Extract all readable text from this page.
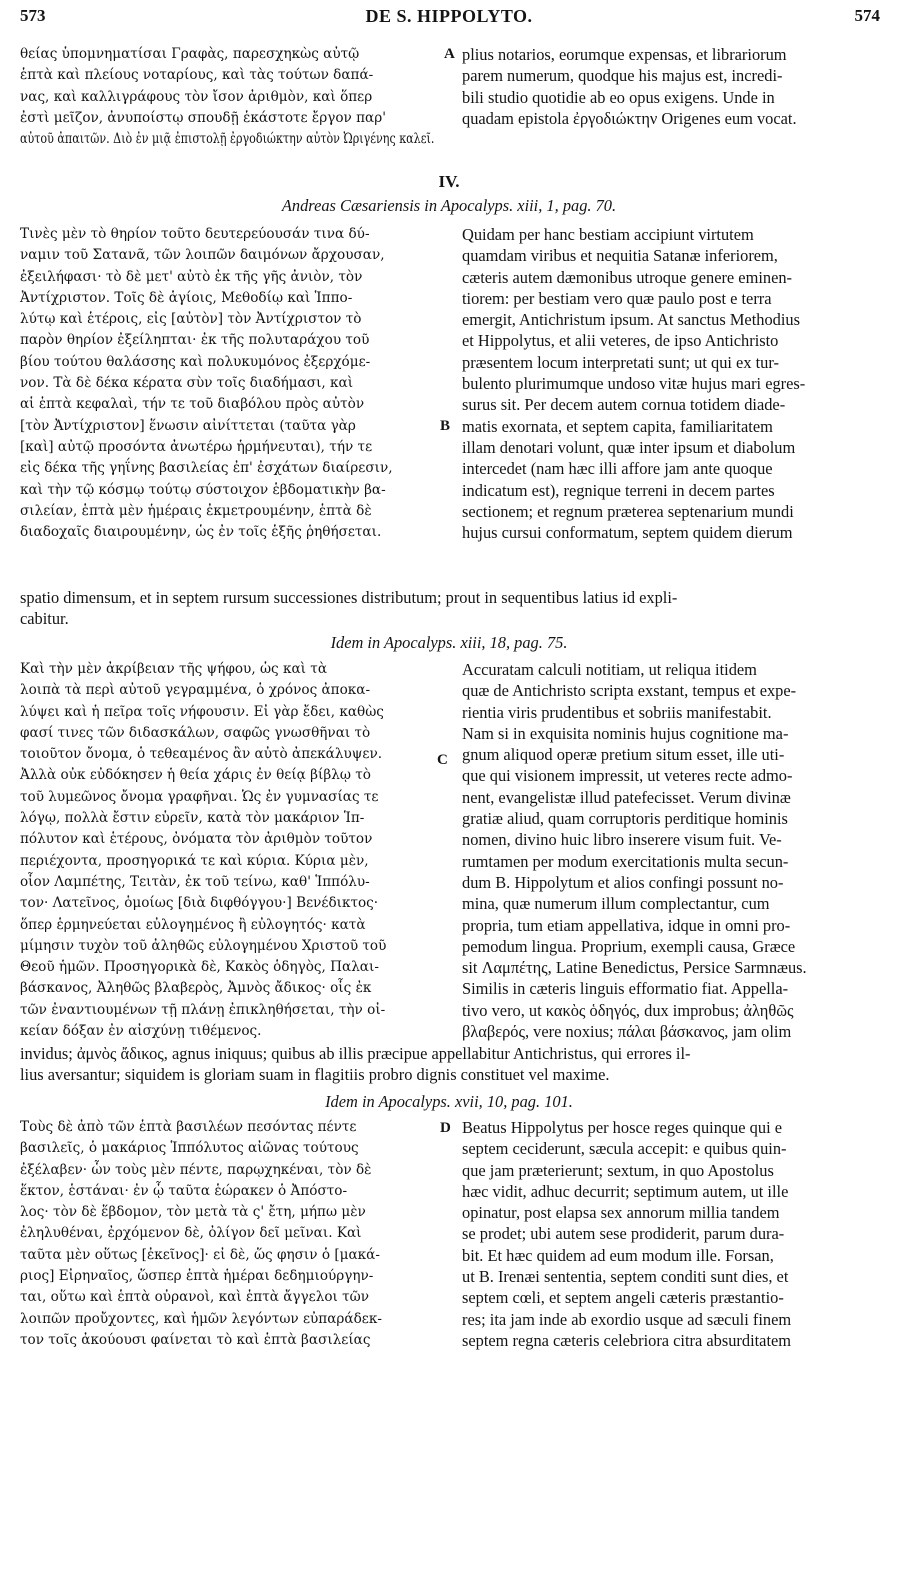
573	DE S. HIPPOLYTO.	574
θείας ὑπομνηματίσαι Γραφὰς, παρεσχηκὼς αὐτῷ
ἑπτὰ καὶ πλείους νοταρίους, καὶ τὰς τούτων δαπά-
νας, καὶ καλλιγράφους τὸν ἴσον ἀριθμὸν, καὶ ὅπερ
ἐστὶ μεῖζον, ἀνυποίστῳ σπουδῇ ἑκάστοτε ἔργον παρ'
αὐτοῦ ἀπαιτῶν. Διὸ ἐν μιᾷ ἐπιστολῇ ἐργοδιώκτην αὐτὸν Ὠριγένης καλεῖ.
A plius notarios, eorumque expensas, et librariorum
parem numerum, quodque his majus est, incredi-
bili studio quotidie ab eo opus exigens. Unde in
quadam epistola ἐργοδιώκτην Origenes eum vocat.
IV.
Andreas Cæsariensis in Apocalyps. xiii, 1, pag. 70.
Τινὲς μὲν τὸ θηρίον τοῦτο δευτερεύουσάν τινα δύ-
ναμιν τοῦ Σατανᾶ, τῶν λοιπῶν δαιμόνων ἄρχουσαν,
ἐξειλήφασι· τὸ δὲ μετ' αὐτὸ ἐκ τῆς γῆς ἀνιὸν, τὸν
Ἀντίχριστον. Τοῖς δὲ ἁγίοις, Μεθοδίῳ καὶ Ἱππο-
λύτῳ καὶ ἑτέροις, εἰς [αὐτὸν] τὸν Ἀντίχριστον τὸ
παρὸν θηρίον ἐξείληπται· ἐκ τῆς πολυταράχου τοῦ
βίου τούτου θαλάσσης καὶ πολυκυμόνος ἐξερχόμε-
νον. Τὰ δὲ δέκα κέρατα σὺν τοῖς διαδήμασι, καὶ
αἱ ἑπτὰ κεφαλαὶ, τήν τε τοῦ διαβόλου πρὸς αὐτὸν
[τὸν Ἀντίχριστον] ἕνωσιν αἰνίττεται (ταῦτα γὰρ
[καὶ] αὐτῷ προσόντα ἀνωτέρω ἡρμήνευται), τήν τε
εἰς δέκα τῆς γηΐνης βασιλείας ἐπ' ἐσχάτων διαίρεσιν,
καὶ τὴν τῷ κόσμῳ τούτῳ σύστοιχον ἑβδοματικὴν βα-
σιλείαν, ἑπτὰ μὲν ἡμέραις ἐκμετρουμένην, ἑπτὰ δὲ
διαδοχαῖς διαιρουμένην, ὡς ἐν τοῖς ἑξῆς ῥηθήσεται.
B
Quidam per hanc bestiam accipiunt virtutem
quamdam viribus et nequitia Satanæ inferiorem,
cæteris autem dæmonibus utroque genere eminen-
tiorem: per bestiam vero quæ paulo post e terra
emergit, Antichristum ipsum. At sanctus Methodius
et Hippolytus, et alii veteres, de ipso Antichristo
præsentem locum interpretati sunt; ut qui ex tur-
bulento plurimumque undoso vitæ hujus mari egres-
surus sit. Per decem autem cornua totidem diade-
matis exornata, et septem capita, familiaritatem
illam denotari volunt, quæ inter ipsum et diabolum
intercedet (nam hæc illi affore jam ante quoque
indicatum est), regnique terreni in decem partes
sectionem; et regnum præterea septenarium mundi
hujus cursui conformatum, septem quidem dierum
spatio dimensum, et in septem rursum successiones distributum; prout in sequentibus latius id expli-
cabitur.
Idem in Apocalyps. xiii, 18, pag. 75.
Καὶ τὴν μὲν ἀκρίβειαν τῆς ψήφου, ὡς καὶ τὰ
λοιπὰ τὰ περὶ αὐτοῦ γεγραμμένα, ὁ χρόνος ἀποκα-
λύψει καὶ ἡ πεῖρα τοῖς νήφουσιν. Εἰ γὰρ ἔδει, καθὼς
φασί τινες τῶν διδασκάλων, σαφῶς γνωσθῆναι τὸ
τοιοῦτον ὄνομα, ὁ τεθεαμένος ἂν αὐτὸ ἀπεκάλυψεν.
Ἀλλὰ οὐκ εὐδόκησεν ἡ θεία χάρις ἐν θείᾳ βίβλῳ τὸ
τοῦ λυμεῶνος ὄνομα γραφῆναι. Ὡς ἐν γυμνασίας τε
λόγῳ, πολλὰ ἔστιν εὑρεῖν, κατὰ τὸν μακάριον Ἱπ-
πόλυτον καὶ ἑτέρους, ὀνόματα τὸν ἀριθμὸν τοῦτον
περιέχοντα, προσηγορικά τε καὶ κύρια. Κύρια μὲν,
οἷον Λαμπέτης, Τειτὰν, ἐκ τοῦ τείνω, καθ' Ἱππόλυ-
τον· Λατεῖνος, ὁμοίως [διὰ διφθόγγου·] Βενέδικτος·
ὅπερ ἑρμηνεύεται εὐλογημένος ἢ εὐλογητός· κατὰ
μίμησιν τυχὸν τοῦ ἀληθῶς εὐλογημένου Χριστοῦ τοῦ
Θεοῦ ἡμῶν. Προσηγορικὰ δὲ, Κακὸς ὁδηγὸς, Παλαι-
βάσκανος, Ἀληθῶς βλαβερὸς, Ἀμνὸς ἄδικος· οἷς ἐκ
τῶν ἐναντιουμένων τῇ πλάνῃ ἐπικληθήσεται, τὴν οἰ-
κείαν δόξαν ἐν αἰσχύνῃ τιθέμενος.
C
Accuratam calculi notitiam, ut reliqua itidem
quæ de Antichristo scripta exstant, tempus et expe-
rientia viris prudentibus et sobriis manifestabit.
Nam si in exquisita nominis hujus cognitione ma-
gnum aliquod operæ pretium situm esset, ille uti-
que qui visionem impressit, ut veteres recte admo-
nent, evangelistæ illud patefecisset. Verum divinæ
gratiæ aliud, quam corruptoris perditique hominis
nomen, divino huic libro inserere visum fuit. Ve-
rumtamen per modum exercitationis multa secun-
dum B. Hippolytum et alios confingi possunt no-
mina, quæ numerum illum complectantur, cum
propria, tum etiam appellativa, idque in omni pro-
pemodum lingua. Proprium, exempli causa, Græce
sit Λαμπέτης, Latine Benedictus, Persice Sarmnæus.
Similis in cæteris linguis efformatio fiat. Appella-
tivo vero, ut κακὸς ὁδηγός, dux improbus; ἀληθῶς
βλαβερός, vere noxius; πάλαι βάσκανος, jam olim
invidus; ἀμνὸς ἄδικος, agnus iniquus; quibus ab illis præcipue appellabitur Antichristus, qui errores il-
lius aversantur; siquidem is gloriam suam in flagitiis probro dignis constituet vel maxime.
Idem in Apocalyps. xvii, 10, pag. 101.
Τοὺς δὲ ἀπὸ τῶν ἑπτὰ βασιλέων πεσόντας πέντε
βασιλεῖς, ὁ μακάριος Ἱππόλυτος αἰῶνας τούτους
ἐξέλαβεν· ὧν τοὺς μὲν πέντε, παρῳχηκέναι, τὸν δὲ
ἕκτον, ἑστάναι· ἐν ᾧ ταῦτα ἑώρακεν ὁ Ἀπόστο-
λος· τὸν δὲ ἕβδομον, τὸν μετὰ τὰ ς' ἔτη, μήπω μὲν
ἐληλυθέναι, ἐρχόμενον δὲ, ὀλίγον δεῖ μεῖναι. Καὶ
ταῦτα μὲν οὕτως [ἐκεῖνος]· εἰ δὲ, ὥς φησιν ὁ [μακά-
ριος] Εἰρηναῖος, ὥσπερ ἑπτὰ ἡμέραι δεδημιούργην-
ται, οὕτω καὶ ἑπτὰ οὐρανοὶ, καὶ ἑπτὰ ἄγγελοι τῶν
λοιπῶν προὔχοντες, καὶ ἡμῶν λεγόντων εὐπαράδεκ-
τον τοῖς ἀκούουσι φαίνεται τὸ καὶ ἑπτὰ βασιλείας
D Beatus Hippolytus per hosce reges quinque qui e
septem ceciderunt, sæcula accepit: e quibus quin-
que jam præterierunt; sextum, in quo Apostolus
hæc vidit, adhuc decurrit; septimum autem, ut ille
opinatur, post elapsa sex annorum millia tandem
se prodet; ubi autem sese prodiderit, parum dura-
bit. Et hæc quidem ad eum modum ille. Forsan,
ut B. Irenæi sententia, septem conditi sunt dies, et
septem cœli, et septem angeli cæteris præstantio-
res; ita jam inde ab exordio usque ad sæculi finem
septem regna cæteris celebriora citra absurditatem
